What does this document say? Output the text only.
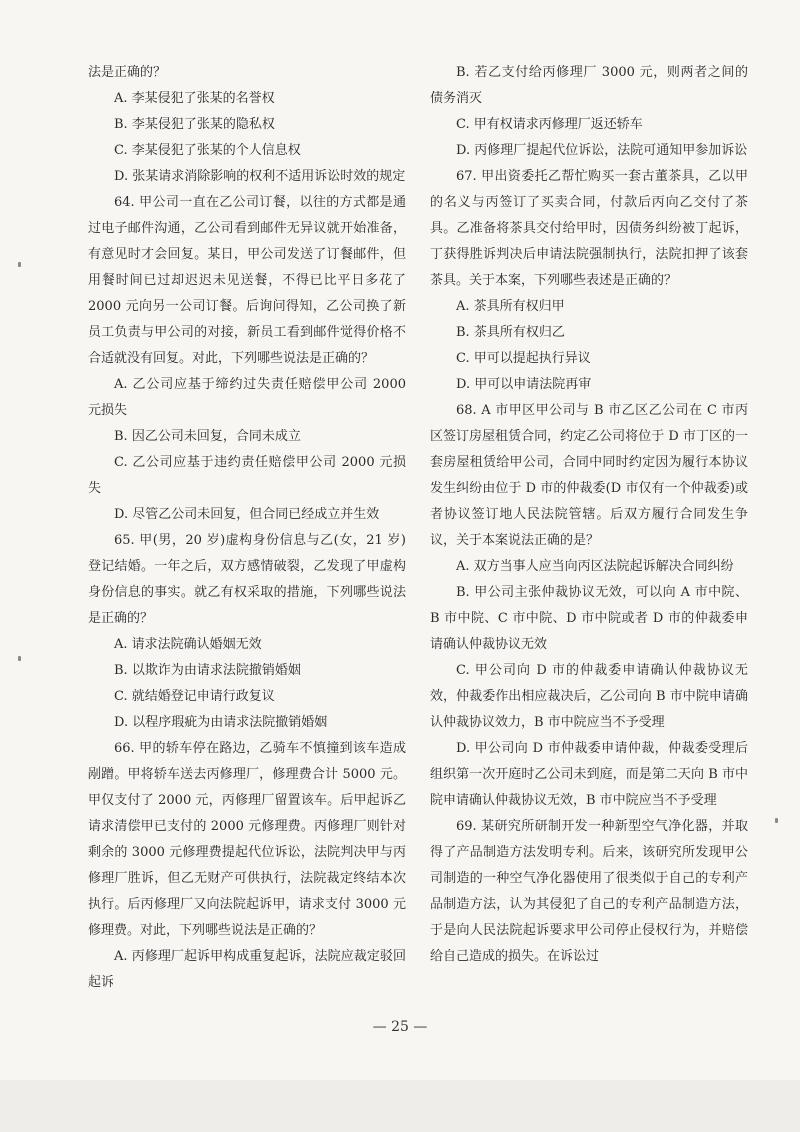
法是正确的？

A. 李某侵犯了张某的名誉权

B. 李某侵犯了张某的隐私权

C. 李某侵犯了张某的个人信息权

D. 张某请求消除影响的权利不适用诉讼时效的规定

64. 甲公司一直在乙公司订餐，以往的方式都是通过电子邮件沟通，乙公司看到邮件无异议就开始准备，有意见时才会回复。某日，甲公司发送了订餐邮件，但用餐时间已过却迟迟未见送餐，不得已比平日多花了 2000 元向另一公司订餐。后询问得知，乙公司换了新员工负责与甲公司的对接，新员工看到邮件觉得价格不合适就没有回复。对此，下列哪些说法是正确的？

A. 乙公司应基于缔约过失责任赔偿甲公司 2000 元损失

B. 因乙公司未回复，合同未成立

C. 乙公司应基于违约责任赔偿甲公司 2000 元损失

D. 尽管乙公司未回复，但合同已经成立并生效

65. 甲(男，20 岁)虚构身份信息与乙(女，21 岁)登记结婚。一年之后，双方感情破裂，乙发现了甲虚构身份信息的事实。就乙有权采取的措施，下列哪些说法是正确的？

A. 请求法院确认婚姻无效

B. 以欺诈为由请求法院撤销婚姻

C. 就结婚登记申请行政复议

D. 以程序瑕疵为由请求法院撤销婚姻

66. 甲的轿车停在路边，乙骑车不慎撞到该车造成剐蹭。甲将轿车送去丙修理厂，修理费合计 5000 元。甲仅支付了 2000 元，丙修理厂留置该车。后甲起诉乙请求清偿甲已支付的 2000 元修理费。丙修理厂则针对剩余的 3000 元修理费提起代位诉讼，法院判决甲与丙修理厂胜诉，但乙无财产可供执行，法院裁定终结本次执行。后丙修理厂又向法院起诉甲，请求支付 3000 元修理费。对此，下列哪些说法是正确的？

A. 丙修理厂起诉甲构成重复起诉，法院应裁定驳回起诉

B. 若乙支付给丙修理厂 3000 元，则两者之间的债务消灭

C. 甲有权请求丙修理厂返还轿车

D. 丙修理厂提起代位诉讼，法院可通知甲参加诉讼

67. 甲出资委托乙帮忙购买一套古董茶具，乙以甲的名义与丙签订了买卖合同，付款后丙向乙交付了茶具。乙准备将茶具交付给甲时，因债务纠纷被丁起诉，丁获得胜诉判决后申请法院强制执行，法院扣押了该套茶具。关于本案，下列哪些表述是正确的？

A. 茶具所有权归甲

B. 茶具所有权归乙

C. 甲可以提起执行异议

D. 甲可以申请法院再审

68. A 市甲区甲公司与 B 市乙区乙公司在 C 市丙区签订房屋租赁合同，约定乙公司将位于 D 市丁区的一套房屋租赁给甲公司，合同中同时约定因为履行本协议发生纠纷由位于 D 市的仲裁委(D 市仅有一个仲裁委)或者协议签订地人民法院管辖。后双方履行合同发生争议，关于本案说法正确的是？

A. 双方当事人应当向丙区法院起诉解决合同纠纷

B. 甲公司主张仲裁协议无效，可以向 A 市中院、B 市中院、C 市中院、D 市中院或者 D 市的仲裁委申请确认仲裁协议无效

C. 甲公司向 D 市的仲裁委申请确认仲裁协议无效，仲裁委作出相应裁决后，乙公司向 B 市中院申请确认仲裁协议效力，B 市中院应当不予受理

D. 甲公司向 D 市仲裁委申请仲裁，仲裁委受理后组织第一次开庭时乙公司未到庭，而是第二天向 B 市中院申请确认仲裁协议无效，B 市中院应当不予受理

69. 某研究所研制开发一种新型空气净化器，并取得了产品制造方法发明专利。后来，该研究所发现甲公司制造的一种空气净化器使用了很类似于自己的专利产品制造方法，认为其侵犯了自己的专利产品制造方法，于是向人民法院起诉要求甲公司停止侵权行为，并赔偿给自己造成的损失。在诉讼过

— 25 —
